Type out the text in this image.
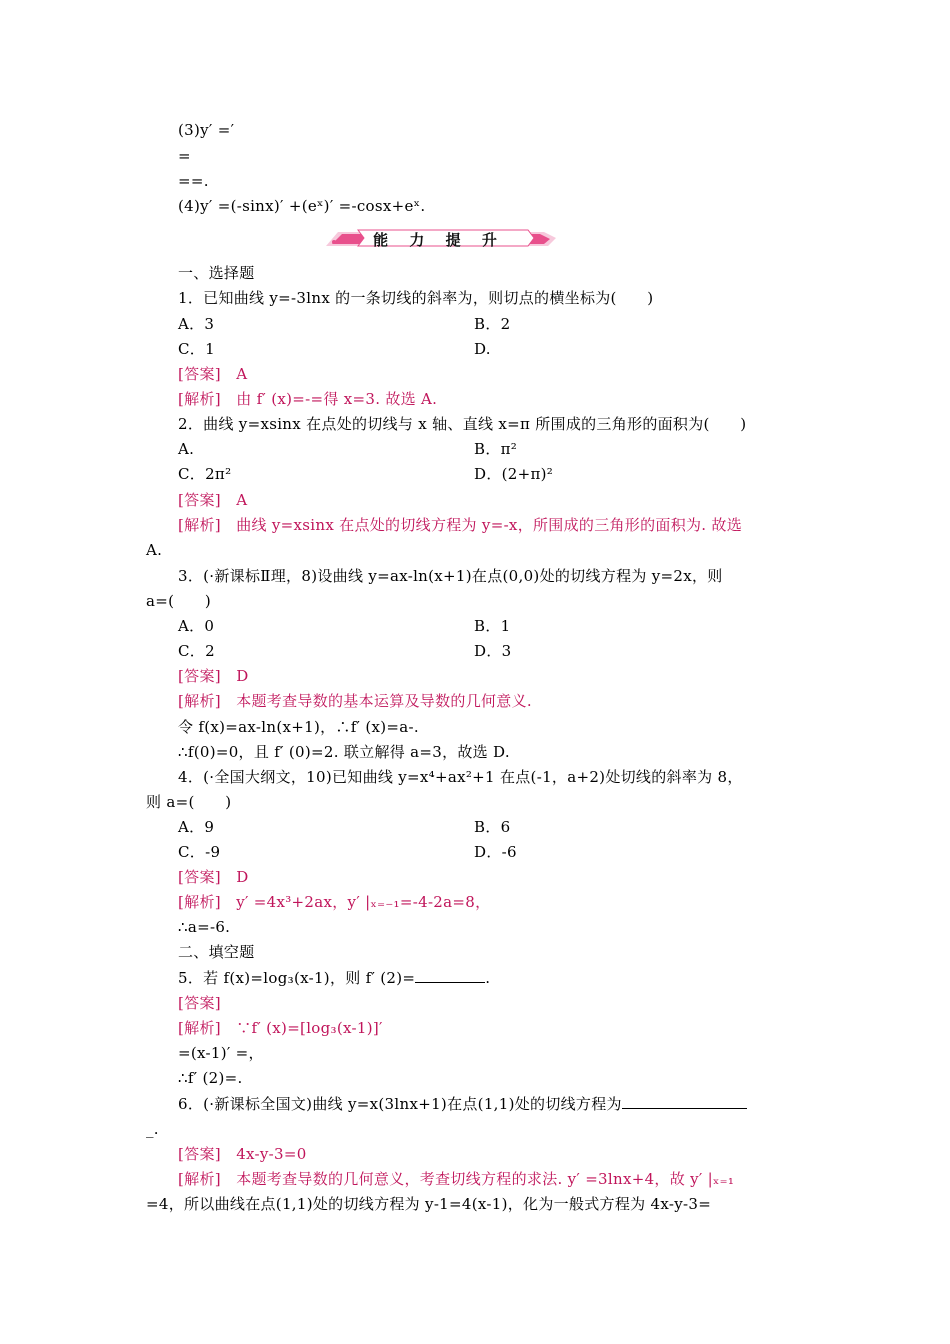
(3)y′ =′
=
==.
(4)y′ =(-sinx)′ +(eˣ)′ =-cosx+eˣ.
能 力 提 升
一、选择题
1．已知曲线 y=-3lnx 的一条切线的斜率为，则切点的横坐标为(　　)
A．3	B．2
C．1	D.
[答案]　A
[解析]　由 f′ (x)=-=得 x=3. 故选 A.
2．曲线 y=xsinx 在点处的切线与 x 轴、直线 x=π 所围成的三角形的面积为(　　)
A.	B．π²
C．2π²	D．(2+π)²
[答案]　A
[解析]　曲线 y=xsinx 在点处的切线方程为 y=-x，所围成的三角形的面积为. 故选
A.
3．(·新课标Ⅱ理，8)设曲线 y=ax-ln(x+1)在点(0,0)处的切线方程为 y=2x，则
a=(　　)
A．0	B．1
C．2	D．3
[答案]　D
[解析]　本题考查导数的基本运算及导数的几何意义.
令 f(x)=ax-ln(x+1)，∴f′ (x)=a-.
∴f(0)=0，且 f′ (0)=2. 联立解得 a=3，故选 D.
4．(·全国大纲文，10)已知曲线 y=x⁴+ax²+1 在点(-1，a+2)处切线的斜率为 8，
则 a=(　　)
A．9	B．6
C．-9	D．-6
[答案]　D
[解析]　y′ =4x³+2ax，y′ |ₓ₌₋₁=-4-2a=8，
∴a=-6.
二、填空题
5．若 f(x)=log₃(x-1)，则 f′ (2)=	.
[答案]
[解析]　∵f′ (x)=[log₃(x-1)]′
=(x-1)′ =，
∴f′ (2)=.
6．(·新课标全国文)曲线 y=x(3lnx+1)在点(1,1)处的切线方程为
_.
[答案]　4x-y-3=0
[解析]　本题考查导数的几何意义，考查切线方程的求法. y′ =3lnx+4，故 y′ |ₓ₌₁
=4，所以曲线在点(1,1)处的切线方程为 y-1=4(x-1)，化为一般式方程为 4x-y-3=
